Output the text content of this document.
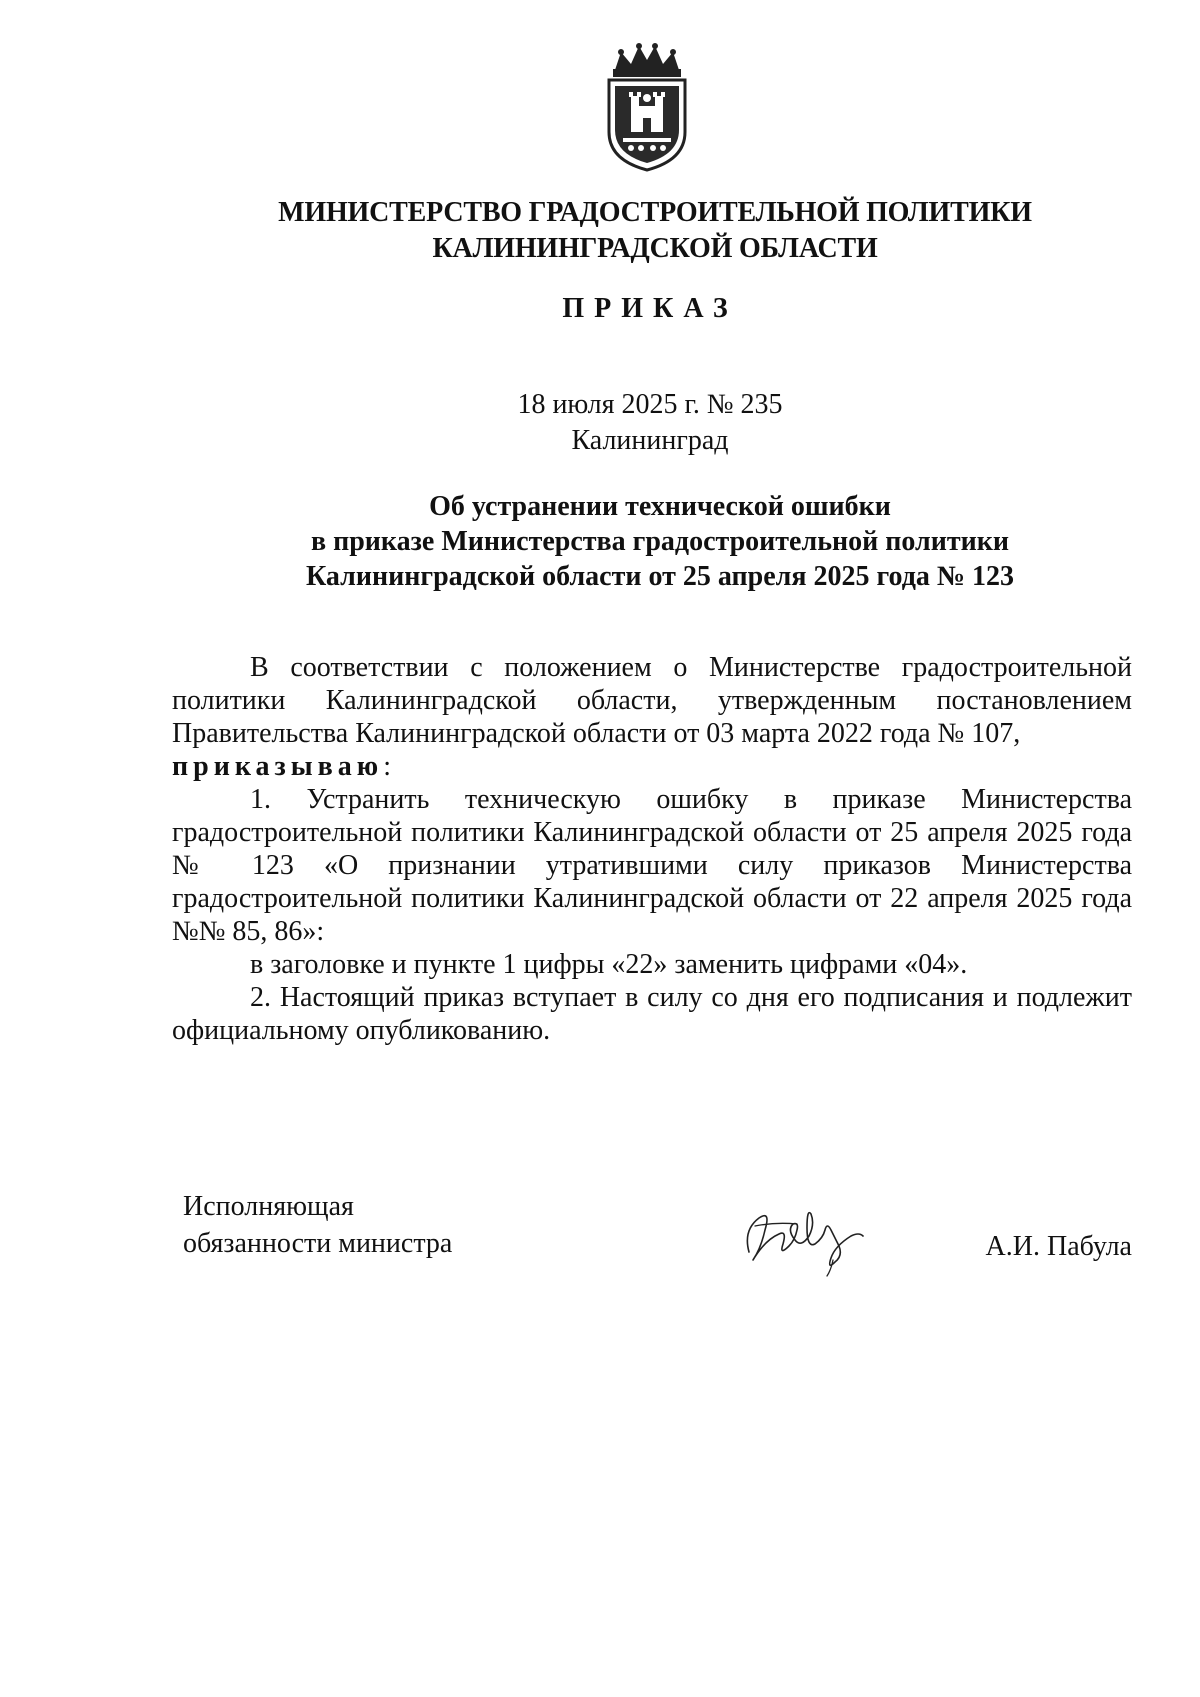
МИНИСТЕРСТВО ГРАДОСТРОИТЕЛЬНОЙ ПОЛИТИКИ
КАЛИНИНГРАДСКОЙ ОБЛАСТИ
ПРИКАЗ
18 июля 2025 г. № 235
Калининград
Об устранении технической ошибки
в приказе Министерства градостроительной политики
Калининградской области от 25 апреля 2025 года № 123

В соответствии с положением о Министерстве градостроительной политики Калининградской области, утвержденным постановлением Правительства Калининградской области от 03 марта 2022 года № 107,

приказываю:

1. Устранить техническую ошибку в приказе Министерства градостроительной политики Калининградской области от 25 апреля 2025 года № 123 «О признании утратившими силу приказов Министерства градостроительной политики Калининградской области от 22 апреля 2025 года №№ 85, 86»:

в заголовке и пункте 1 цифры «22» заменить цифрами «04».

2. Настоящий приказ вступает в силу со дня его подписания и подлежит официальному опубликованию.

Исполняющая
обязанности министра	А.И. Пабула
